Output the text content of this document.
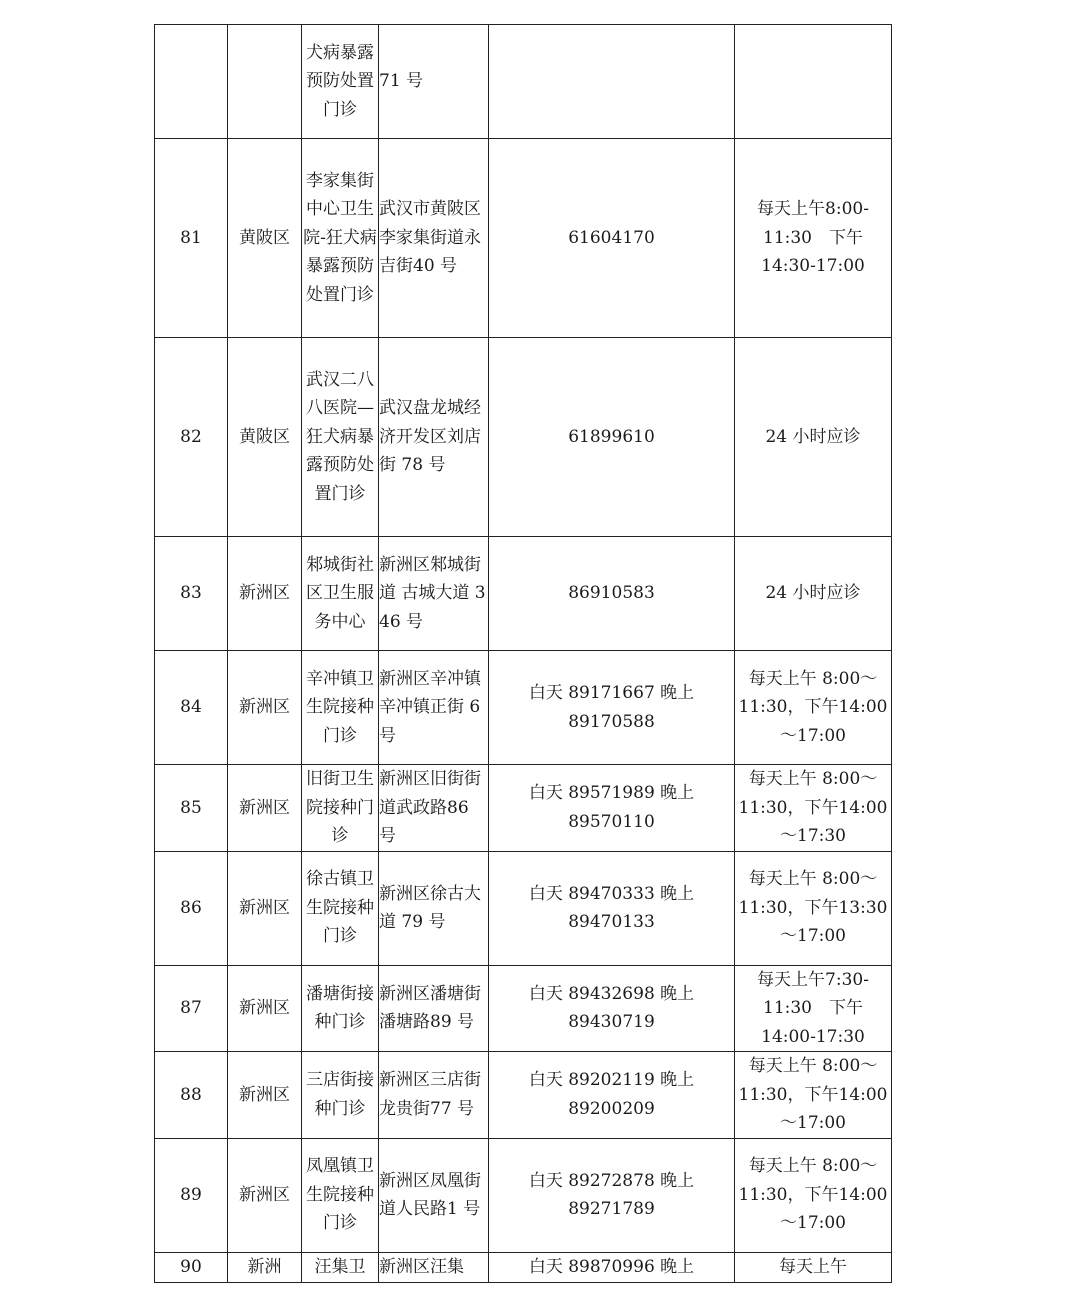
		犬病暴露预防处置门诊	71 号		
81	黄陂区	李家集街中心卫生院-狂犬病暴露预防处置门诊	武汉市黄陂区李家集街道永吉街40 号	61604170	每天上午8:00-11:30　下午 14:30-17:00
82	黄陂区	武汉二八八医院—狂犬病暴露预防处置门诊	武汉盘龙城经济开发区刘店街 78 号	61899610	24 小时应诊
83	新洲区	邾城街社区卫生服务中心	新洲区邾城街道 古城大道 346 号	86910583	24 小时应诊
84	新洲区	辛冲镇卫生院接种门诊	新洲区辛冲镇 辛冲镇正街 6 号	白天 89171667 晚上 89170588	每天上午 8:00～11:30，下午14:00～17:00
85	新洲区	旧街卫生院接种门诊	新洲区旧街街道武政路86 号	白天 89571989 晚上89570110	每天上午 8:00～11:30，下午14:00～17:30
86	新洲区	徐古镇卫生院接种门诊	新洲区徐古大道 79 号	白天 89470333 晚上89470133	每天上午 8:00～11:30，下午13:30～17:00
87	新洲区	潘塘街接种门诊	新洲区潘塘街潘塘路89 号	白天 89432698 晚上89430719	每天上午7:30-11:30　下午 14:00-17:30
88	新洲区	三店街接种门诊	新洲区三店街龙贵街77 号	白天 89202119 晚上89200209	每天上午 8:00～11:30，下午14:00～17:00
89	新洲区	凤凰镇卫生院接种门诊	新洲区凤凰街道人民路1 号	白天 89272878 晚上89271789	每天上午 8:00～11:30，下午14:00～17:00
90	新洲	汪集卫	新洲区汪集	白天 89870996 晚上	每天上午
